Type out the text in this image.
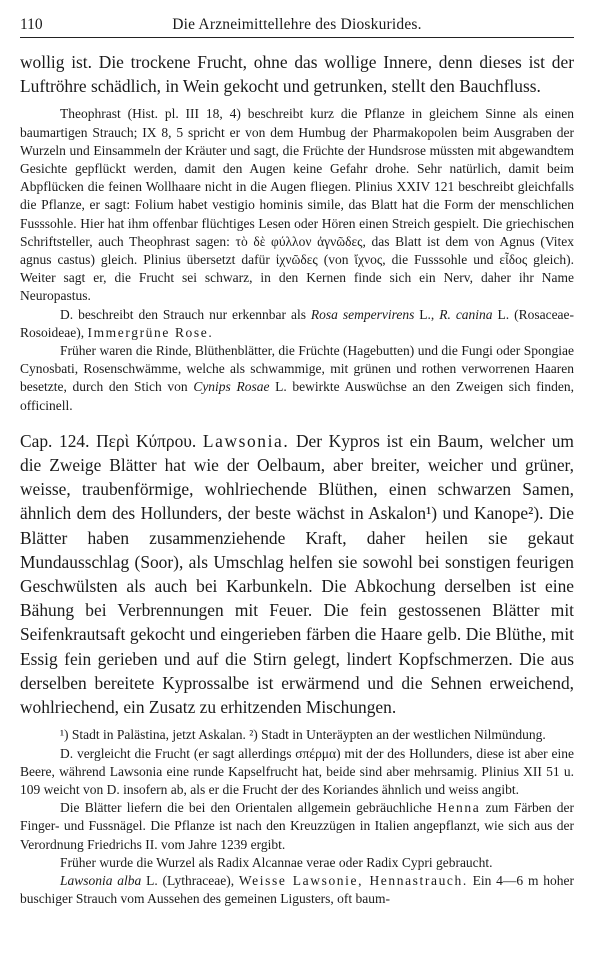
110	Die Arzneimittellehre des Dioskurides.

wollig ist. Die trockene Frucht, ohne das wollige Innere, denn dieses ist der Luftröhre schädlich, in Wein gekocht und getrunken, stellt den Bauchfluss.

Theophrast (Hist. pl. III 18, 4) beschreibt kurz die Pflanze in gleichem Sinne als einen baumartigen Strauch; IX 8, 5 spricht er von dem Humbug der Pharmakopolen beim Ausgraben der Wurzeln und Einsammeln der Kräuter und sagt, die Früchte der Hundsrose müssten mit abgewandtem Gesichte gepflückt werden, damit den Augen keine Gefahr drohe. Sehr natürlich, damit beim Abpflücken die feinen Wollhaare nicht in die Augen fliegen. Plinius XXIV 121 beschreibt gleichfalls die Pflanze, er sagt: Folium habet vestigio hominis simile, das Blatt hat die Form der menschlichen Fusssohle. Hier hat ihm offenbar flüchtiges Lesen oder Hören einen Streich gespielt. Die griechischen Schriftsteller, auch Theophrast sagen: τὸ δὲ φύλλον ἀγνῶδες, das Blatt ist dem von Agnus (Vitex agnus castus) gleich. Plinius übersetzt dafür ἰχνῶδες (von ἴχνος, die Fusssohle und εἶδος gleich). Weiter sagt er, die Frucht sei schwarz, in den Kernen finde sich ein Nerv, daher ihr Name Neuropastus.

D. beschreibt den Strauch nur erkennbar als Rosa sempervirens L., R. canina L. (Rosaceae-Rosoideae), Immergrüne Rose.

Früher waren die Rinde, Blüthenblätter, die Früchte (Hagebutten) und die Fungi oder Spongiae Cynosbati, Rosenschwämme, welche als schwammige, mit grünen und rothen verworrenen Haaren besetzte, durch den Stich von Cynips Rosae L. bewirkte Auswüchse an den Zweigen sich finden, officinell.

Cap. 124. Περὶ Κύπρου. Lawsonia. Der Kypros ist ein Baum, welcher um die Zweige Blätter hat wie der Oelbaum, aber breiter, weicher und grüner, weisse, traubenförmige, wohlriechende Blüthen, einen schwarzen Samen, ähnlich dem des Hollunders, der beste wächst in Askalon¹) und Kanope²). Die Blätter haben zusammenziehende Kraft, daher heilen sie gekaut Mundausschlag (Soor), als Umschlag helfen sie sowohl bei sonstigen feurigen Geschwülsten als auch bei Karbunkeln. Die Abkochung derselben ist eine Bähung bei Verbrennungen mit Feuer. Die fein gestossenen Blätter mit Seifenkrautsaft gekocht und eingerieben färben die Haare gelb. Die Blüthe, mit Essig fein gerieben und auf die Stirn gelegt, lindert Kopfschmerzen. Die aus derselben bereitete Kyprossalbe ist erwärmend und die Sehnen erweichend, wohlriechend, ein Zusatz zu erhitzenden Mischungen.

¹) Stadt in Palästina, jetzt Askalan. ²) Stadt in Unteräypten an der westlichen Nilmündung.

D. vergleicht die Frucht (er sagt allerdings σπέρμα) mit der des Hollunders, diese ist aber eine Beere, während Lawsonia eine runde Kapselfrucht hat, beide sind aber mehrsamig. Plinius XII 51 u. 109 weicht von D. insofern ab, als er die Frucht der des Koriandes ähnlich und weiss angibt.

Die Blätter liefern die bei den Orientalen allgemein gebräuchliche Henna zum Färben der Finger- und Fussnägel. Die Pflanze ist nach den Kreuzzügen in Italien angepflanzt, wie sich aus der Verordnung Friedrichs II. vom Jahre 1239 ergibt.

Früher wurde die Wurzel als Radix Alcannae verae oder Radix Cypri gebraucht.

Lawsonia alba L. (Lythraceae), Weisse Lawsonie, Hennastrauch. Ein 4—6 m hoher buschiger Strauch vom Aussehen des gemeinen Ligusters, oft baum-
